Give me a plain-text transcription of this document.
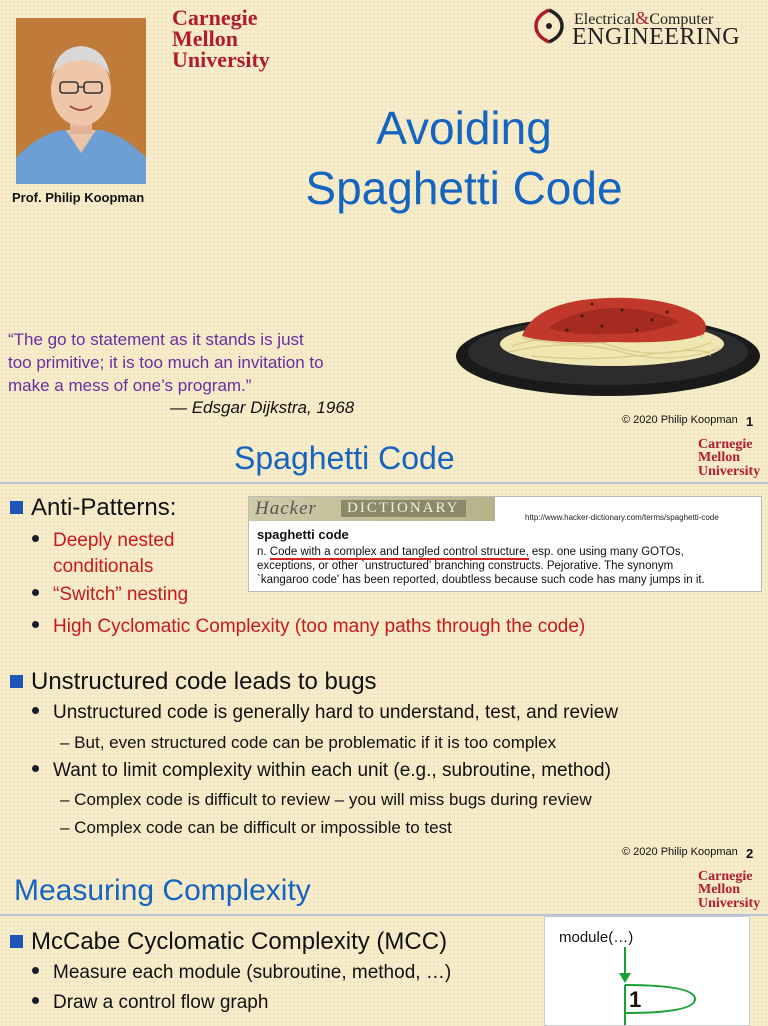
Prof. Philip Koopman
Carnegie
Mellon
University
Electrical&Computer
ENGINEERING
Avoiding
Spaghetti Code
“The go to statement as it stands is just
too primitive; it is too much an invitation to
make a mess of one’s program.”
— Edsgar Dijkstra, 1968
© 2020 Philip Koopman 1
Spaghetti Code	Carnegie
Mellon
University
Anti-Patterns:
Deeply nested
conditionals
“Switch” nesting
High Cyclomatic Complexity (too many paths through the code)
Hacker	DICTIONARY
http://www.hacker-dictionary.com/terms/spaghetti-code
spaghetti code
n. Code with a complex and tangled control structure, esp. one using many GOTOs,
exceptions, or other `unstructured' branching constructs. Pejorative. The synonym
`kangaroo code' has been reported, doubtless because such code has many jumps in it.
Unstructured code leads to bugs
Unstructured code is generally hard to understand, test, and review
– But, even structured code can be problematic if it is too complex
Want to limit complexity within each unit (e.g., subroutine, method)
– Complex code is difficult to review – you will miss bugs during review
– Complex code can be difficult or impossible to test
© 2020 Philip Koopman 2
Measuring Complexity	Carnegie
Mellon
University
McCabe Cyclomatic Complexity (MCC)
Measure each module (subroutine, method, …)
Draw a control flow graph
module(…)
1
